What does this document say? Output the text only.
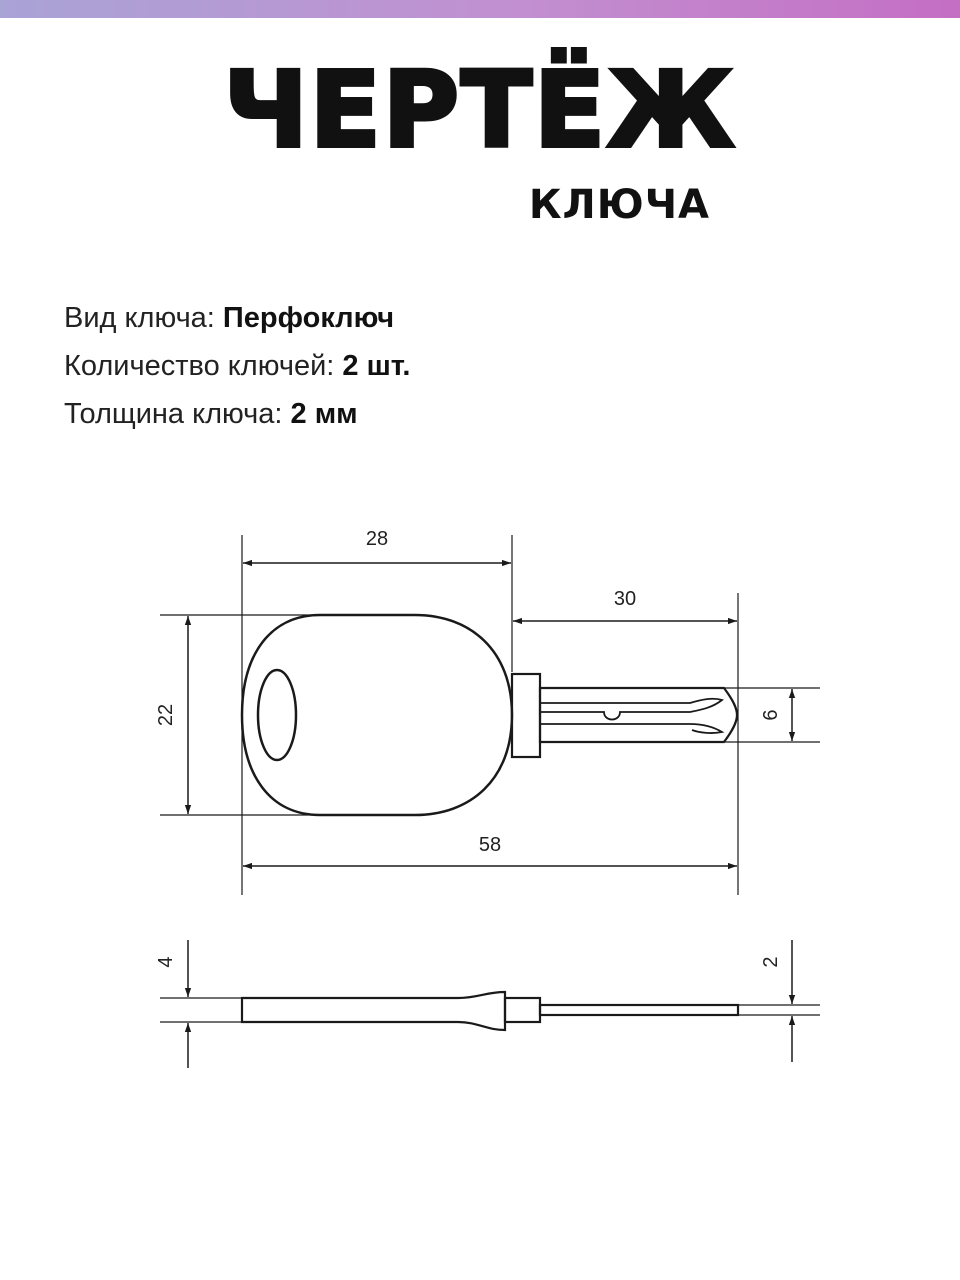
ЧЕРТЁЖ
КЛЮЧА
Вид ключа: Перфоключ
Количество ключей: 2 шт.
Толщина ключа: 2 мм
28
30
22	6
58
4	2
